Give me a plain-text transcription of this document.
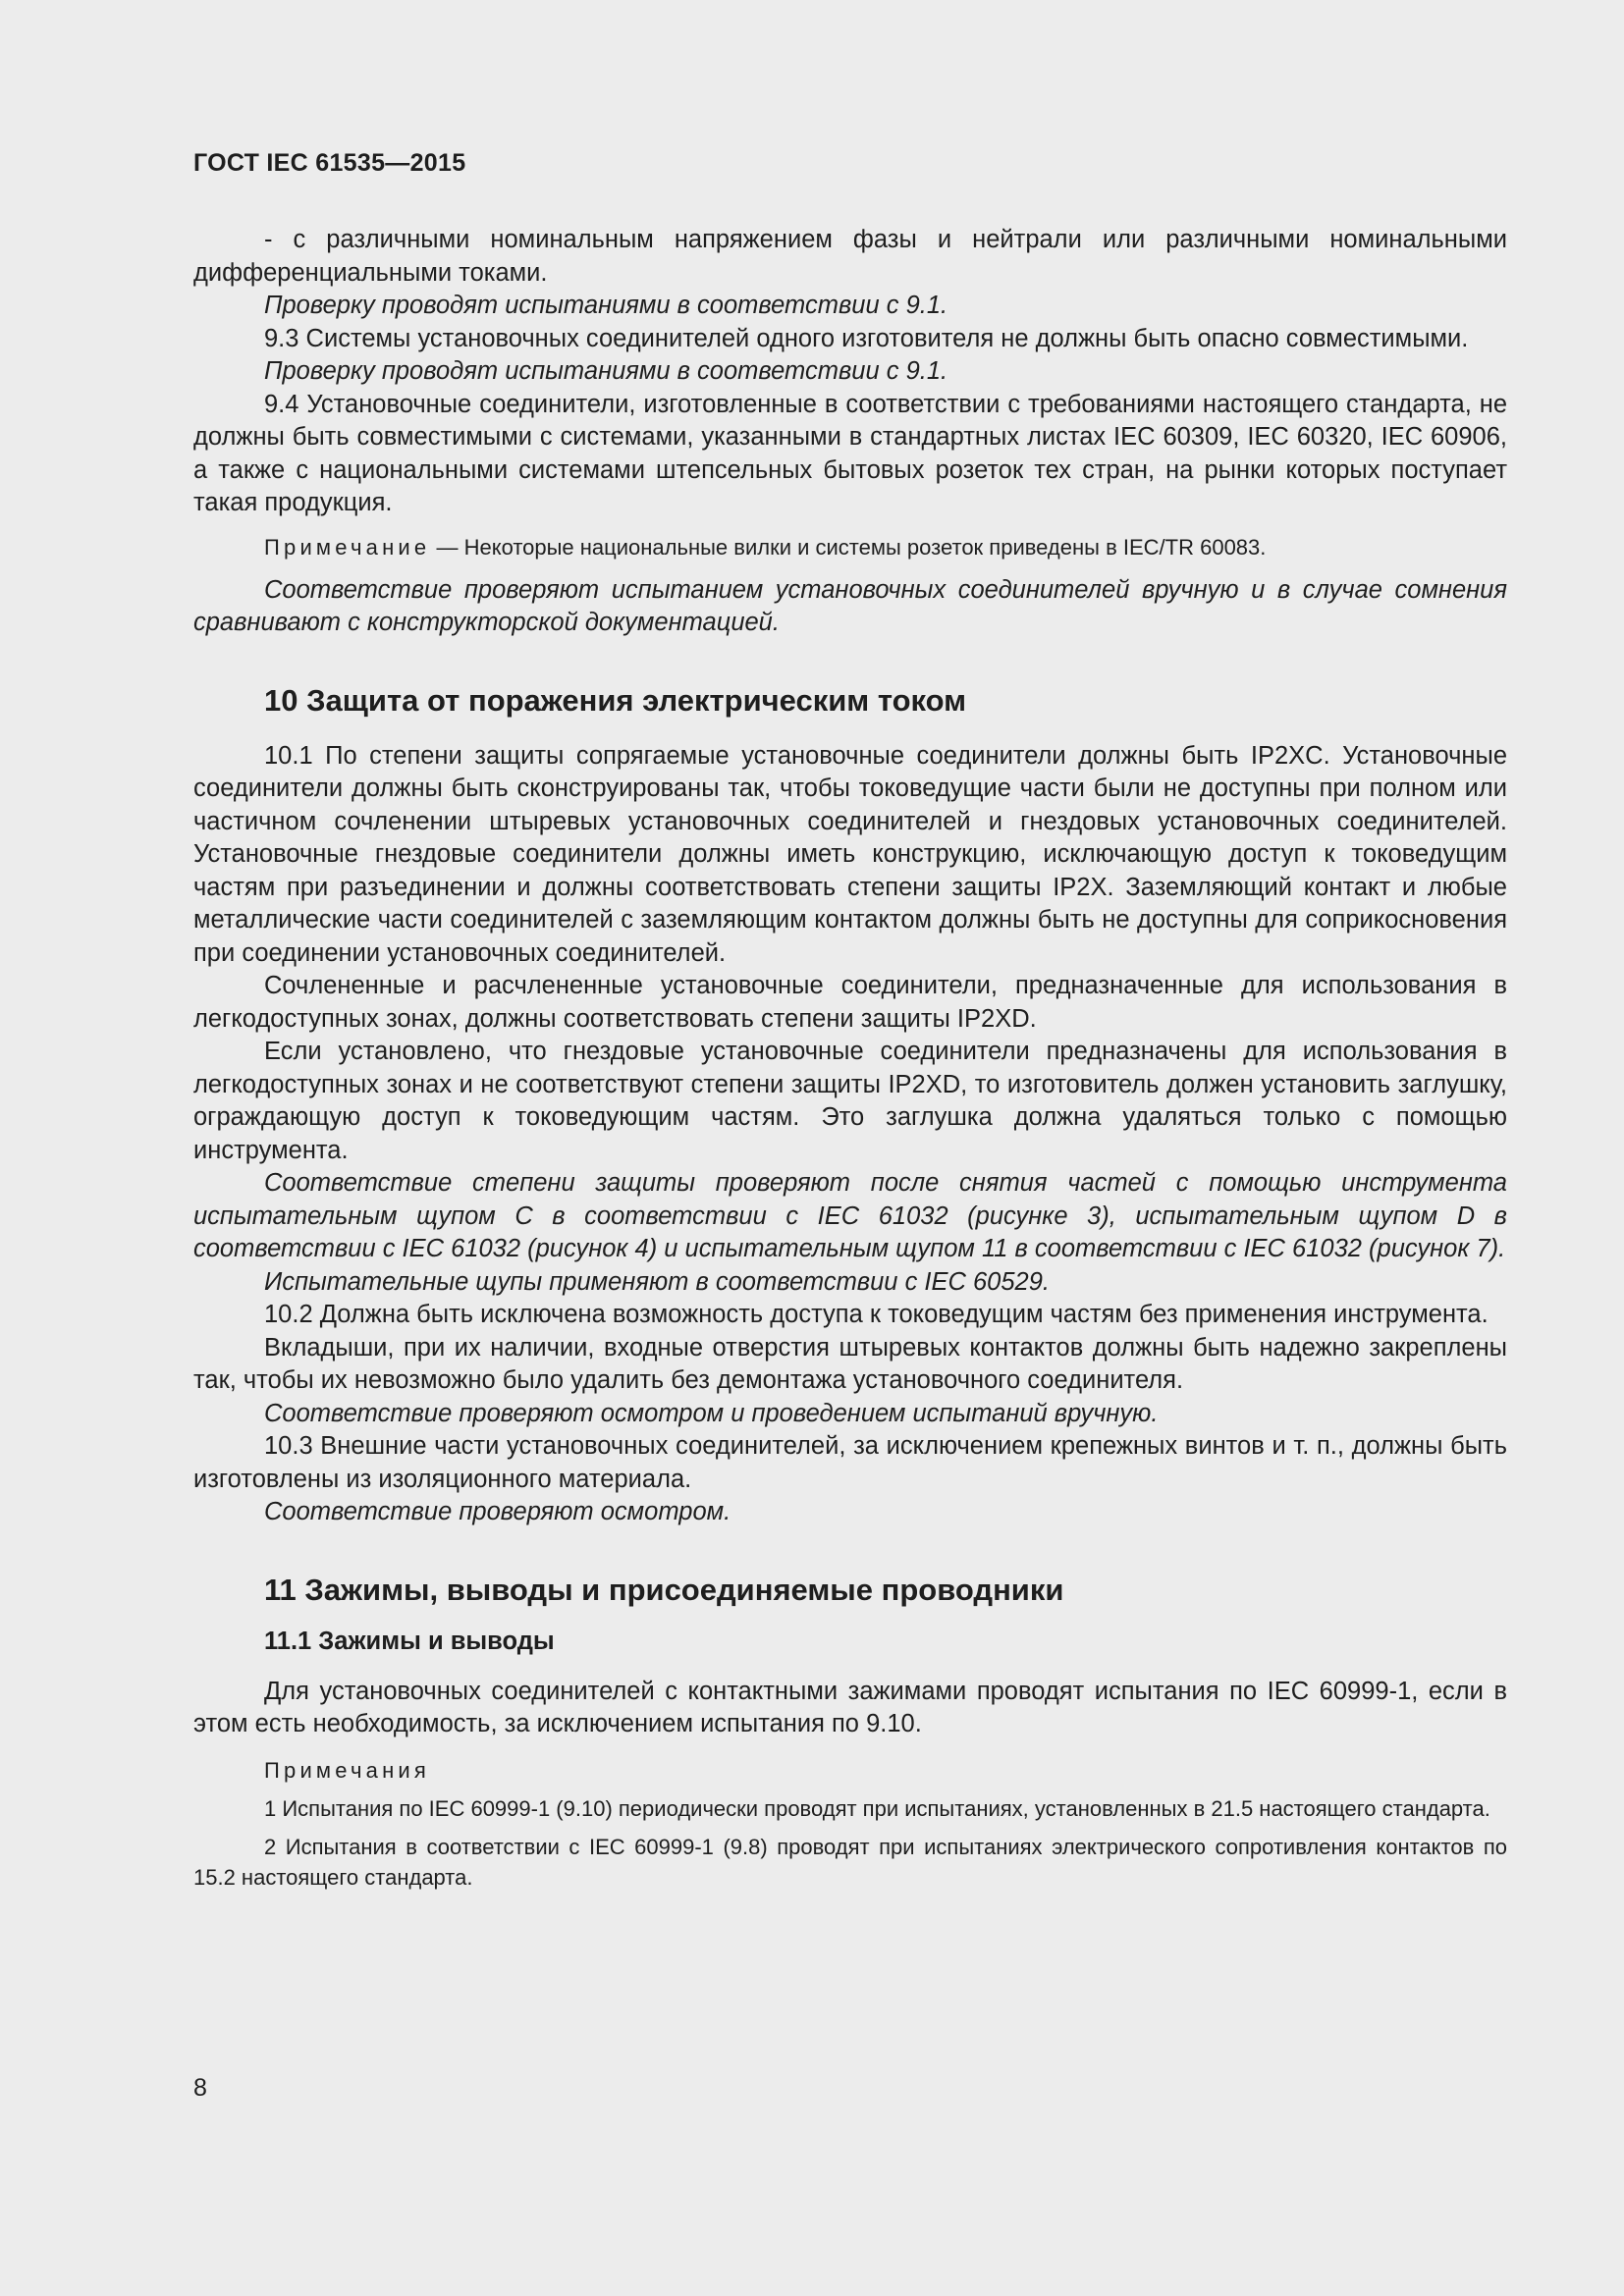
ГОСТ IEC 61535—2015

- с различными номинальным напряжением фазы и нейтрали или различными номинальными дифференциальными токами.

Проверку проводят испытаниями в соответствии с 9.1.

9.3 Системы установочных соединителей одного изготовителя не должны быть опасно совместимыми.

Проверку проводят испытаниями в соответствии с 9.1.

9.4 Установочные соединители, изготовленные в соответствии с требованиями настоящего стандарта, не должны быть совместимыми с системами, указанными в стандартных листах IEC 60309, IEC 60320, IEC 60906, а также с национальными системами штепсельных бытовых розеток тех стран, на рынки которых поступает такая продукция.

Примечание — Некоторые национальные вилки и системы розеток приведены в IEC/TR 60083.

Соответствие проверяют испытанием установочных соединителей вручную и в случае сомнения сравнивают с конструкторской документацией.

10 Защита от поражения электрическим током

10.1 По степени защиты сопрягаемые установочные соединители должны быть IP2XC. Установочные соединители должны быть сконструированы так, чтобы токоведущие части были не доступны при полном или частичном сочленении штыревых установочных соединителей и гнездовых установочных соединителей. Установочные гнездовые соединители должны иметь конструкцию, исключающую доступ к токоведущим частям при разъединении и должны соответствовать степени защиты IP2X. Заземляющий контакт и любые металлические части соединителей с заземляющим контактом должны быть не доступны для соприкосновения при соединении установочных соединителей.

Сочлененные и расчлененные установочные соединители, предназначенные для использования в легкодоступных зонах, должны соответствовать степени защиты IP2XD.

Если установлено, что гнездовые установочные соединители предназначены для использования в легкодоступных зонах и не соответствуют степени защиты IP2XD, то изготовитель должен установить заглушку, ограждающую доступ к токоведующим частям. Это заглушка должна удаляться только с помощью инструмента.

Соответствие степени защиты проверяют после снятия частей с помощью инструмента испытательным щупом C в соответствии с IEC 61032 (рисунке 3), испытательным щупом D в соответствии с IEC 61032 (рисунок 4) и испытательным щупом 11 в соответствии с IEC 61032 (рисунок 7).

Испытательные щупы применяют в соответствии с IEC 60529.

10.2 Должна быть исключена возможность доступа к токоведущим частям без применения инструмента.

Вкладыши, при их наличии, входные отверстия штыревых контактов должны быть надежно закреплены так, чтобы их невозможно было удалить без демонтажа установочного соединителя.

Соответствие проверяют осмотром и проведением испытаний вручную.

10.3 Внешние части установочных соединителей, за исключением крепежных винтов и т. п., должны быть изготовлены из изоляционного материала.

Соответствие проверяют осмотром.

11 Зажимы, выводы и присоединяемые проводники
11.1 Зажимы и выводы

Для установочных соединителей с контактными зажимами проводят испытания по IEC 60999-1, если в этом есть необходимость, за исключением испытания по 9.10.

Примечания

1 Испытания по IEC 60999-1 (9.10) периодически проводят при испытаниях, установленных в 21.5 настоящего стандарта.

2 Испытания в соответствии с IEC 60999-1 (9.8) проводят при испытаниях электрического сопротивления контактов по 15.2 настоящего стандарта.

8
